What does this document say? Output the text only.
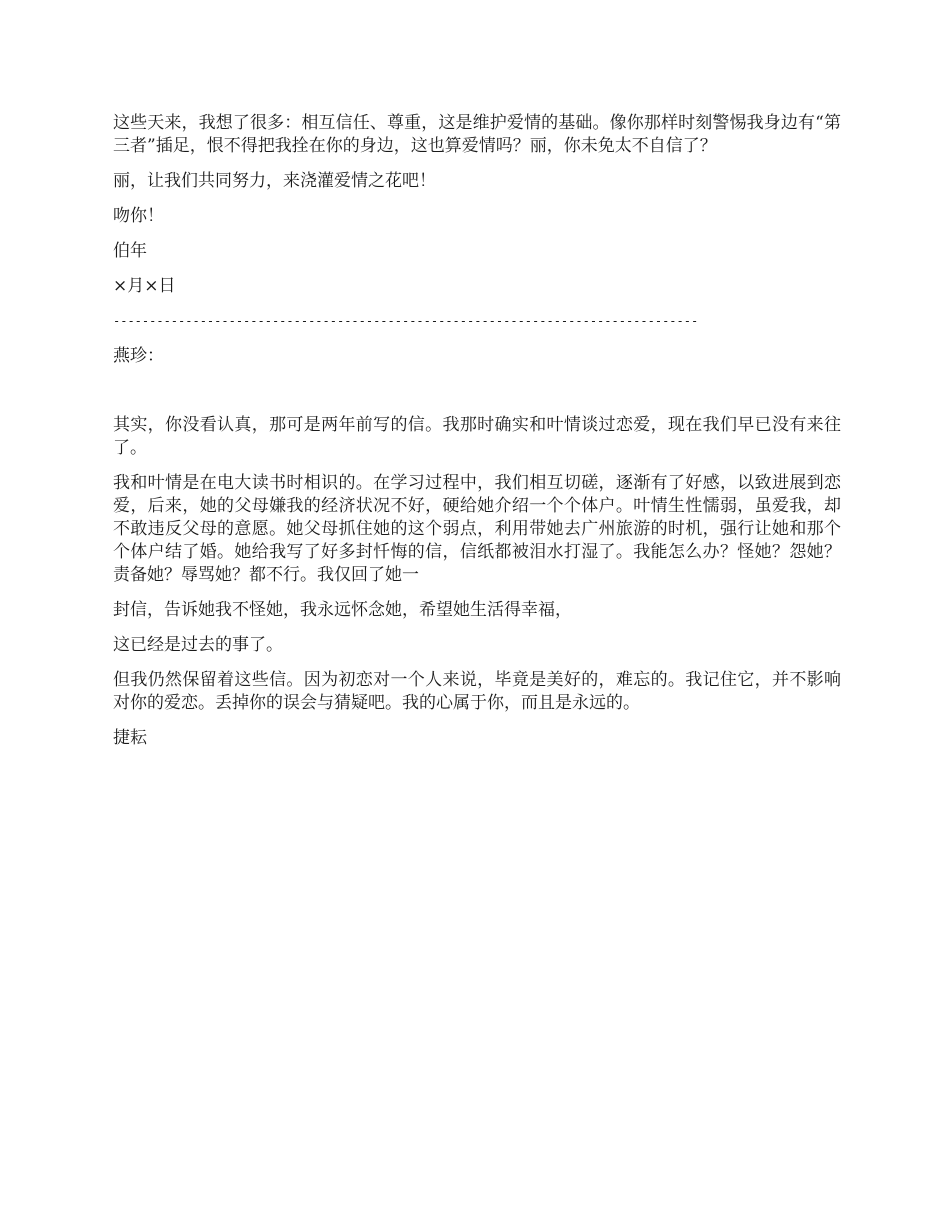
这些天来，我想了很多：相互信任、尊重，这是维护爱情的基础。像你那样时刻警惕我身边有“第三者”插足，恨不得把我拴在你的身边，这也算爱情吗？丽，你未免太不自信了？

丽，让我们共同努力，来浇灌爱情之花吧！

吻你！

伯年

×月×日

---------------------------------------------------------------------------------

燕珍：

其实，你没看认真，那可是两年前写的信。我那时确实和叶情谈过恋爱，现在我们早已没有来往了。

我和叶情是在电大读书时相识的。在学习过程中，我们相互切磋，逐渐有了好感，以致进展到恋爱，后来，她的父母嫌我的经济状况不好，硬给她介绍一个个体户。叶情生性懦弱，虽爱我，却不敢违反父母的意愿。她父母抓住她的这个弱点，利用带她去广州旅游的时机，强行让她和那个个体户结了婚。她给我写了好多封忏悔的信，信纸都被泪水打湿了。我能怎么办？怪她？怨她？责备她？辱骂她？都不行。我仅回了她一

封信，告诉她我不怪她，我永远怀念她，希望她生活得幸福，

这已经是过去的事了。

但我仍然保留着这些信。因为初恋对一个人来说，毕竟是美好的，难忘的。我记住它，并不影响对你的爱恋。丢掉你的误会与猜疑吧。我的心属于你，而且是永远的。

捷耘
